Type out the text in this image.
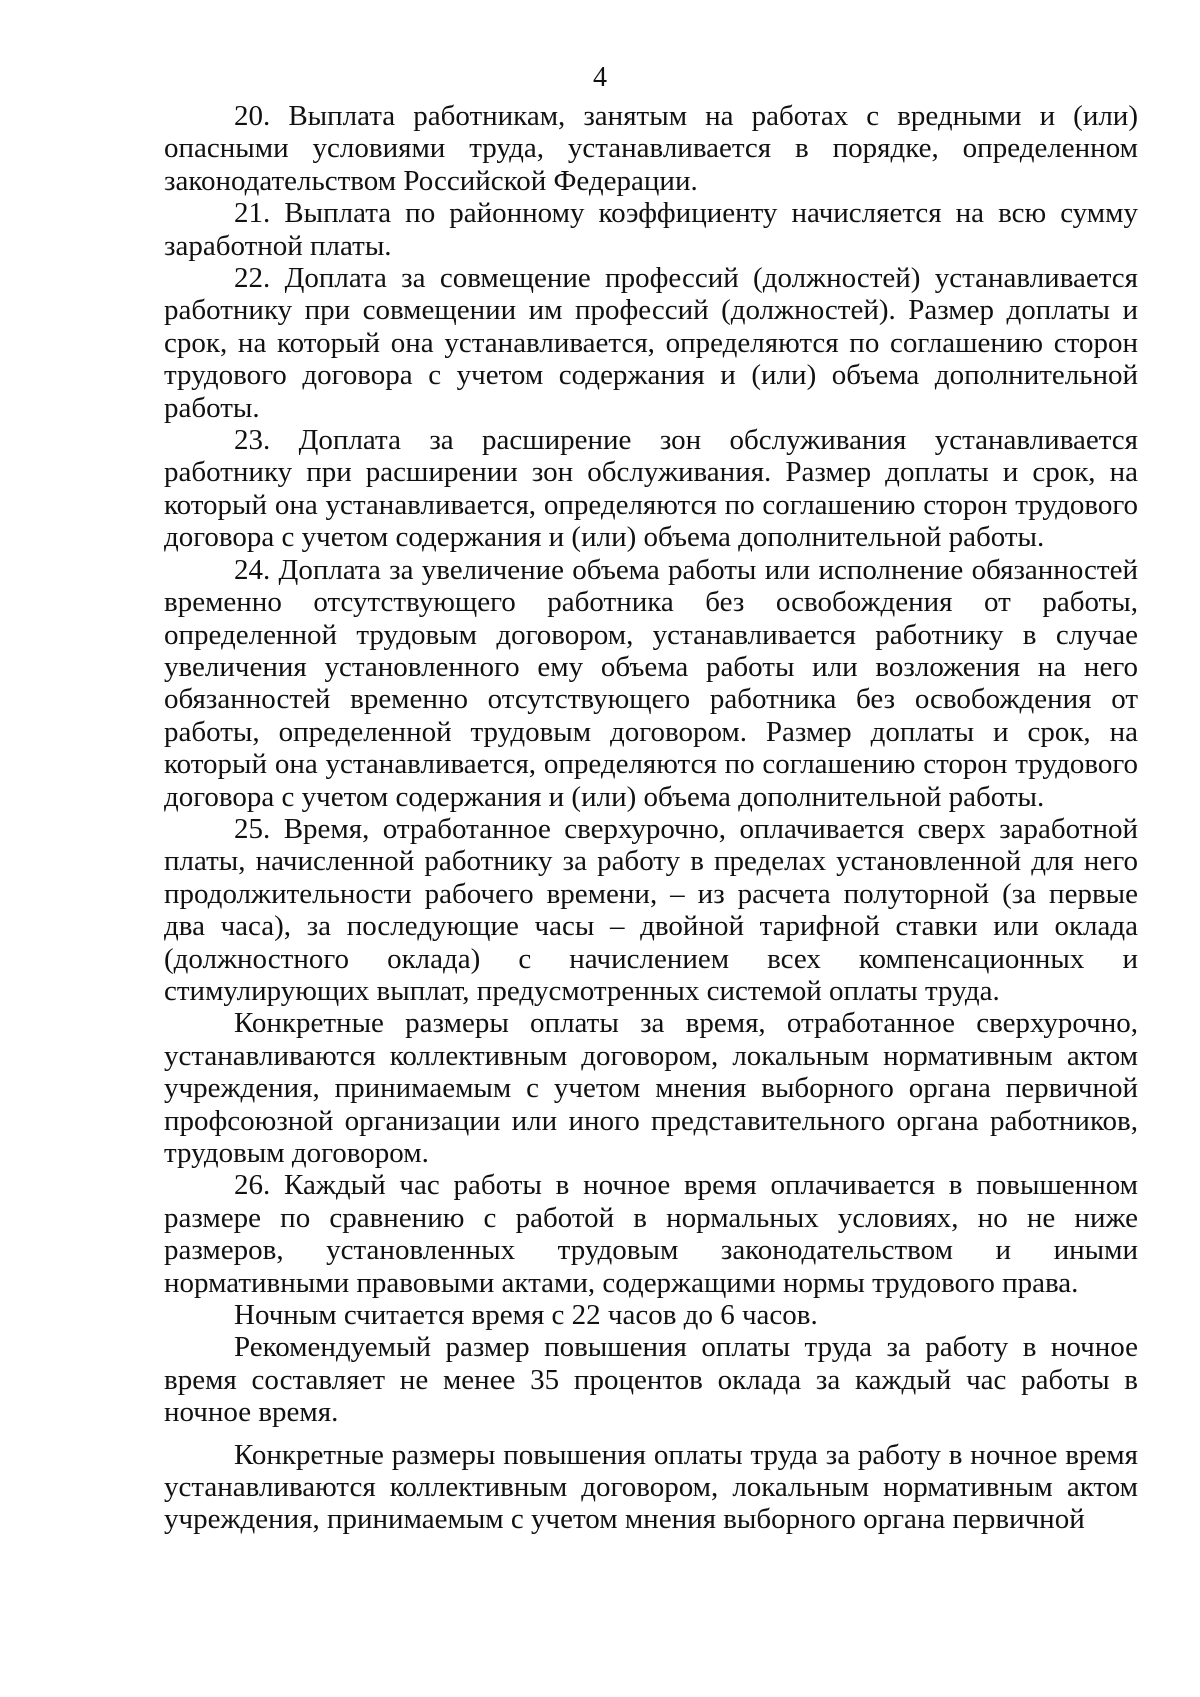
4

20. Выплата работникам, занятым на работах с вредными и (или) опасными условиями труда, устанавливается в порядке, определенном законодательством Российской Федерации.

21. Выплата по районному коэффициенту начисляется на всю сумму заработной платы.

22. Доплата за совмещение профессий (должностей) устанавливается работнику при совмещении им профессий (должностей). Размер доплаты и срок, на который она устанавливается, определяются по соглашению сторон трудового договора с учетом содержания и (или) объема дополнительной работы.

23. Доплата за расширение зон обслуживания устанавливается работнику при расширении зон обслуживания. Размер доплаты и срок, на который она устанавливается, определяются по соглашению сторон трудового договора с учетом содержания и (или) объема дополнительной работы.

24. Доплата за увеличение объема работы или исполнение обязанностей временно отсутствующего работника без освобождения от работы, определенной трудовым договором, устанавливается работнику в случае увеличения установленного ему объема работы или возложения на него обязанностей временно отсутствующего работника без освобождения от работы, определенной трудовым договором. Размер доплаты и срок, на который она устанавливается, определяются по соглашению сторон трудового договора с учетом содержания и (или) объема дополнительной работы.

25. Время, отработанное сверхурочно, оплачивается сверх заработной платы, начисленной работнику за работу в пределах установленной для него продолжительности рабочего времени, – из расчета полуторной (за первые два часа), за последующие часы – двойной тарифной ставки или оклада (должностного оклада) с начислением всех компенсационных и стимулирующих выплат, предусмотренных системой оплаты труда.

Конкретные размеры оплаты за время, отработанное сверхурочно, устанавливаются коллективным договором, локальным нормативным актом учреждения, принимаемым с учетом мнения выборного органа первичной профсоюзной организации или иного представительного органа работников, трудовым договором.

26. Каждый час работы в ночное время оплачивается в повышенном размере по сравнению с работой в нормальных условиях, но не ниже размеров, установленных трудовым законодательством и иными нормативными правовыми актами, содержащими нормы трудового права.

Ночным считается время с 22 часов до 6 часов.

Рекомендуемый размер повышения оплаты труда за работу в ночное время составляет не менее 35 процентов оклада за каждый час работы в ночное время.

Конкретные размеры повышения оплаты труда за работу в ночное время устанавливаются коллективным договором, локальным нормативным актом учреждения, принимаемым с учетом мнения выборного органа первичной
